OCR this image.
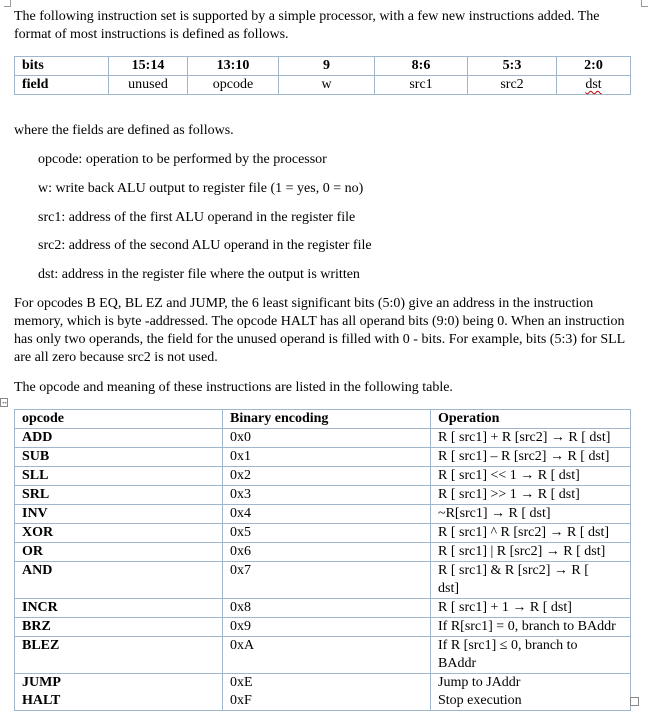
The following instruction set is supported by a simple processor, with a few new instructions added. The format of most instructions is defined as follows.

bits	15:14	13:10	9	8:6	5:3	2:0
field	unused	opcode	w	src1	src2	dst

where the fields are defined as follows.

opcode: operation to be performed by the processor

w: write back ALU output to register file (1 = yes, 0 = no)

src1: address of the first ALU operand in the register file

src2: address of the second ALU operand in the register file

dst: address in the register file where the output is written

For opcodes B EQ, BL EZ and JUMP, the 6 least significant bits (5:0) give an address in the instruction memory, which is byte -addressed. The opcode HALT has all operand bits (9:0) being 0. When an instruction has only two operands, the field for the unused operand is filled with 0 - bits. For example, bits (5:3) for SLL are all zero because src2 is not used.

The opcode and meaning of these instructions are listed in the following table.

↔
opcode	Binary encoding	Operation
ADD	0x0	R [ src1] + R [src2] → R [ dst]
SUB	0x1	R [ src1] – R [src2] → R [ dst]
SLL	0x2	R [ src1] << 1 → R [ dst]
SRL	0x3	R [ src1] >> 1 → R [ dst]
INV	0x4	~R[src1] → R [ dst]
XOR	0x5	R [ src1] ^ R [src2] → R [ dst]
OR	0x6	R [ src1] | R [src2] → R [ dst]
AND	0x7	R [ src1] & R [src2] → R [ dst]
INCR	0x8	R [ src1] + 1 → R [ dst]
BRZ	0x9	If R[src1] = 0, branch to BAddr
BLEZ	0xA	If R [src1] ≤ 0, branch to BAddr
JUMP	0xE	Jump to JAddr
HALT	0xF	Stop execution
